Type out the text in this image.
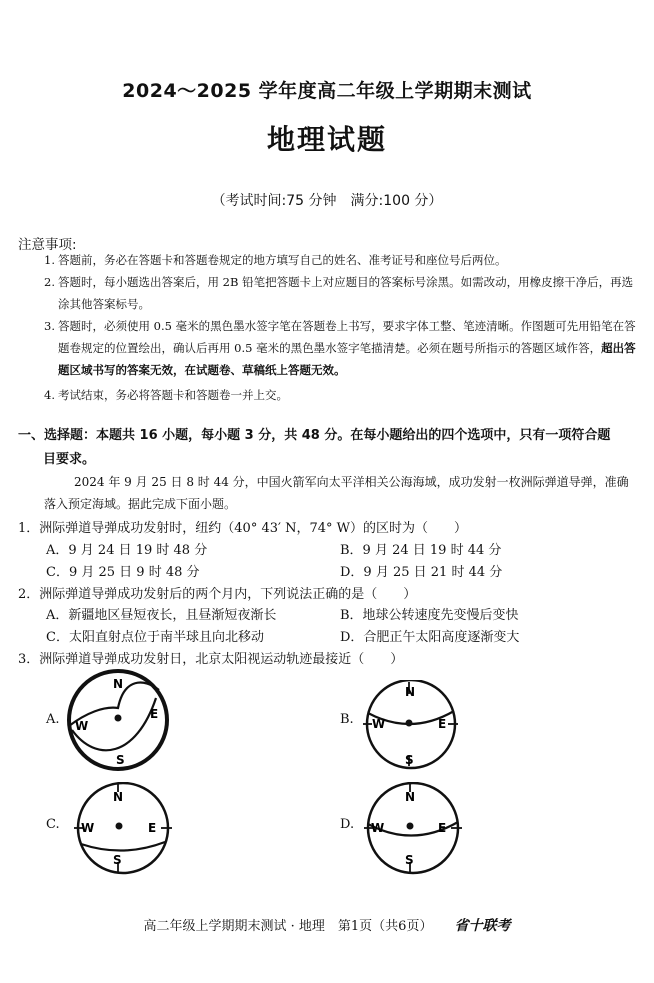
2024～2025 学年度高二年级上学期期末测试
地理试题
（考试时间:75 分钟　满分:100 分）
注意事项:
1. 答题前，务必在答题卡和答题卷规定的地方填写自己的姓名、准考证号和座位号后两位。
2. 答题时，每小题选出答案后，用 2B 铅笔把答题卡上对应题目的答案标号涂黑。如需改动，用橡皮擦干净后，再选涂其他答案标号。
3. 答题时，必须使用 0.5 毫米的黑色墨水签字笔在答题卷上书写，要求字体工整、笔迹清晰。作图题可先用铅笔在答题卷规定的位置绘出，确认后再用 0.5 毫米的黑色墨水签字笔描清楚。必须在题号所指示的答题区域作答，超出答题区域书写的答案无效，在试题卷、草稿纸上答题无效。
4. 考试结束，务必将答题卡和答题卷一并上交。
一、选择题：本题共 16 小题，每小题 3 分，共 48 分。在每小题给出的四个选项中，只有一项符合题
目要求。
2024 年 9 月 25 日 8 时 44 分，中国火箭军向太平洋相关公海海域，成功发射一枚洲际弹道导弹，准确落入预定海域。据此完成下面小题。
1．洲际弹道导弹成功发射时，纽约（40° 43′ N，74° W）的区时为（　　）
A．9 月 24 日 19 时 48 分	B．9 月 24 日 19 时 44 分
C．9 月 25 日 9 时 48 分	D．9 月 25 日 21 时 44 分
2．洲际弹道导弹成功发射后的两个月内，下列说法正确的是（　　）
A．新疆地区昼短夜长，且昼渐短夜渐长	B．地球公转速度先变慢后变快
C．太阳直射点位于南半球且向北移动	D．合肥正午太阳高度逐渐变大
3．洲际弹道导弹成功发射日，北京太阳视运动轨迹最接近（　　）
A.
N
S
W
E	B.
N
S
W	E
C.
N
S
W	E	D.
N
S
W	E
高二年级上学期期末测试 · 地理　第1页（共6页） 省十联考
